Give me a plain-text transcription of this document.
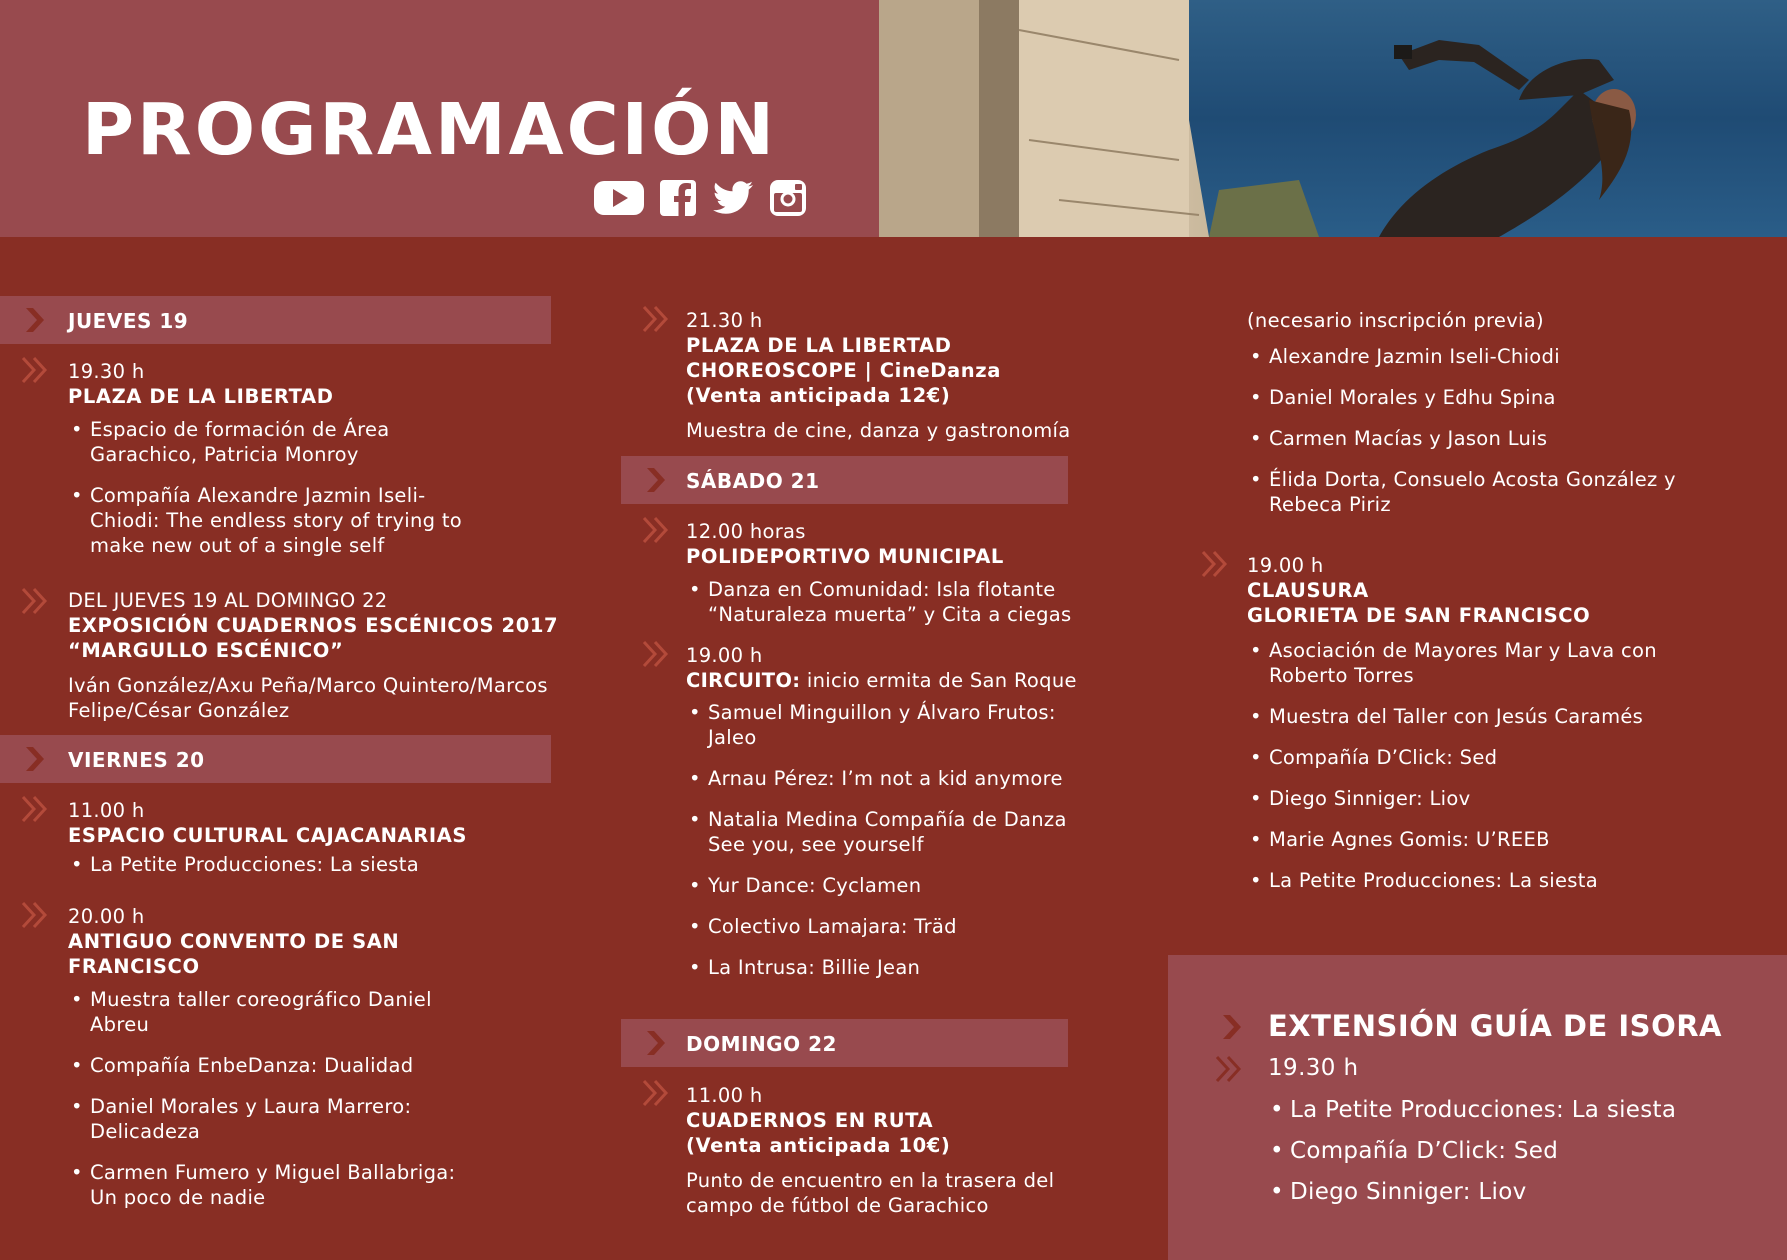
PROGRAMACIÓN
JUEVES 19
19.30 h
PLAZA DE LA LIBERTAD
• Espacio de formación de Área Garachico, Patricia Monroy
• Compañía Alexandre Jazmin Iseli-Chiodi: The endless story of trying to make new out of a single self
DEL JUEVES 19 AL DOMINGO 22
EXPOSICIÓN CUADERNOS ESCÉNICOS 2017
“MARGULLO ESCÉNICO”
Iván González/Axu Peña/Marco Quintero/Marcos Felipe/César González
VIERNES 20
11.00 h
ESPACIO CULTURAL CAJACANARIAS
• La Petite Producciones: La siesta
20.00 h
ANTIGUO CONVENTO DE SAN FRANCISCO
• Muestra taller coreográfico Daniel Abreu
• Compañía EnbeDanza: Dualidad
• Daniel Morales y Laura Marrero: Delicadeza
• Carmen Fumero y Miguel Ballabriga: Un poco de nadie
21.30 h
PLAZA DE LA LIBERTAD
CHOREOSCOPE | CineDanza
(Venta anticipada 12€)
Muestra de cine, danza y gastronomía
SÁBADO 21
12.00 horas
POLIDEPORTIVO MUNICIPAL
• Danza en Comunidad: Isla flotante “Naturaleza muerta” y Cita a ciegas
19.00 h
CIRCUITO: inicio ermita de San Roque
• Samuel Minguillon y Álvaro Frutos: Jaleo
• Arnau Pérez: I’m not a kid anymore
• Natalia Medina Compañía de Danza See you, see yourself
• Yur Dance: Cyclamen
• Colectivo Lamajara: Träd
• La Intrusa: Billie Jean
DOMINGO 22
11.00 h
CUADERNOS EN RUTA
(Venta anticipada 10€)
Punto de encuentro en la trasera del campo de fútbol de Garachico
(necesario inscripción previa)
• Alexandre Jazmin Iseli-Chiodi
• Daniel Morales y Edhu Spina
• Carmen Macías y Jason Luis
• Élida Dorta, Consuelo Acosta González y Rebeca Piriz
19.00 h
CLAUSURA
GLORIETA DE SAN FRANCISCO
• Asociación de Mayores Mar y Lava con Roberto Torres
• Muestra del Taller con Jesús Caramés
• Compañía D’Click: Sed
• Diego Sinniger: Liov
• Marie Agnes Gomis: U’REEB
• La Petite Producciones: La siesta
EXTENSIÓN GUÍA DE ISORA
19.30 h
• La Petite Producciones: La siesta
• Compañía D’Click: Sed
• Diego Sinniger: Liov
